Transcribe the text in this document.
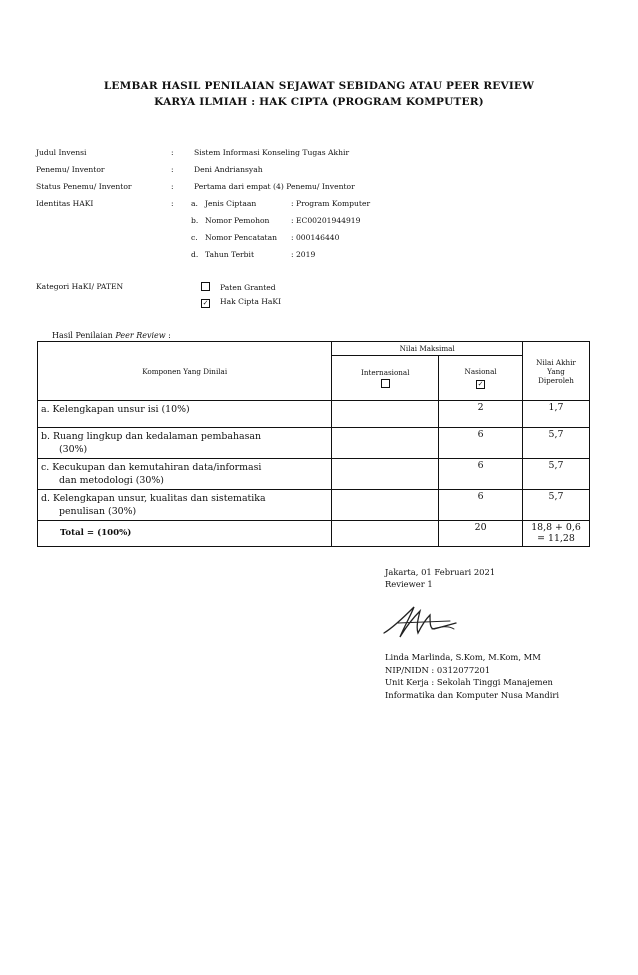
LEMBAR HASIL PENILAIAN SEJAWAT SEBIDANG ATAU PEER REVIEW
KARYA ILMIAH : HAK CIPTA (PROGRAM KOMPUTER)
Judul Invensi	:	Sistem Informasi Konseling Tugas Akhir
Penemu/ Inventor	:	Deni Andriansyah
Status Penemu/ Inventor	:	Pertama dari empat (4) Penemu/ Inventor
Identitas HAKI	: a. Jenis Ciptaan	: Program Komputer
b. Nomor Pemohon	: EC00201944919
c. Nomor Pencatatan : 000146440
d. Tahun Terbit	: 2019
Kategori HaKI/ PATEN	Paten Granted
✓ Hak Cipta HaKI
Hasil Penilaian Peer Review :
Komponen Yang Dinilai	Nilai Maksimal		Nilai Akhir Yang Diperoleh

	Internasional	Nasional
✓	

a. Kelengkapan unsur isi (10%)		2	1,7

b. Ruang lingkup dan kedalaman pembahasan
(30%)		6	5,7

c. Kecukupan dan kemutahiran data/informasi
dan metodologi (30%)		6	5,7

d. Kelengkapan unsur, kualitas dan sistematika
penulisan (30%)		6	5,7
Total = (100%)		20	18,8 + 0,6
= 11,28
Jakarta, 01 Februari 2021
Reviewer 1
Linda Marlinda, S.Kom, M.Kom, MM
NIP/NIDN : 0312077201
Unit Kerja : Sekolah Tinggi Manajemen Informatika dan Komputer Nusa Mandiri
